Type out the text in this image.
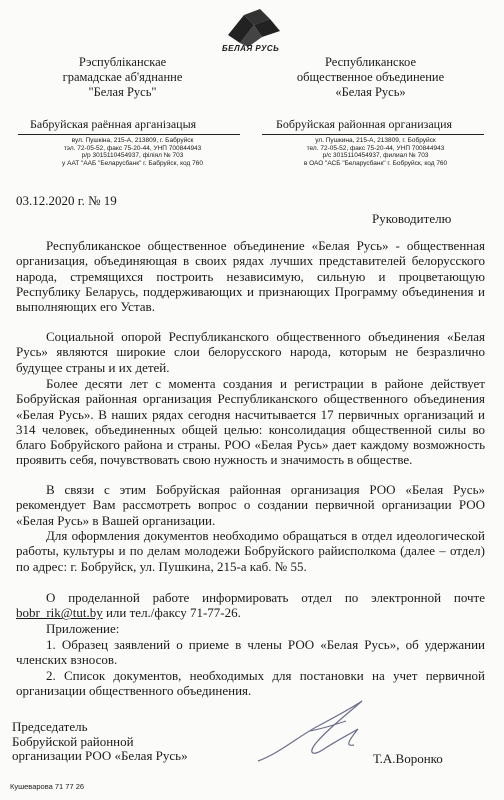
БЕЛАЯ РУСЬ
Рэспубліканскае
грамадскае аб'яднанне
"Белая Русь"
Бабруйская раённая арганізацыя
вул. Пушкіна, 215-А, 213809, г. Бабруйск
тэл. 72-05-52, факс 75-20-44, УНП 700844943
р/р 3015110454937, філіял № 703
у ААТ "ААБ "Беларусбанк" г. Бабруйск, код 760
Республиканское
общественное объединение
«Белая Русь»
Бобруйская районная организация
ул. Пушкина, 215-А, 213809, г. Бобруйск
тел. 72-05-52, факс 75-20-44, УНП 700844943
р/с 3015110454937, филиал № 703
в ОАО "АСБ "Беларусбанк" г. Бобруйск, код 760
03.12.2020 г. № 19
Руководителю

Республиканское общественное объединение «Белая Русь» - общественная организация, объединяющая в своих рядах лучших представителей белорусского народа, стремящихся построить независимую, сильную и процветающую Республику Беларусь, поддерживающих и признающих Программу объединения и выполняющих его Устав.

Социальной опорой Республиканского общественного объединения «Белая Русь» являются широкие слои белорусского народа, которым не безразлично будущее страны и их детей.

Более десяти лет с момента создания и регистрации в районе действует Бобруйская районная организация Республиканского общественного объединения «Белая Русь». В наших рядах сегодня насчитывается 17 первичных организаций и 314 человек, объединенных общей целью: консолидация общественной силы во благо Бобруйского района и страны. РОО «Белая Русь» дает каждому возможность проявить себя, почувствовать свою нужность и значимость в обществе.

В связи с этим Бобруйская районная организация РОО «Белая Русь» рекомендует Вам рассмотреть вопрос о создании первичной организации РОО «Белая Русь» в Вашей организации.

Для оформления документов необходимо обращаться в отдел идеологической работы, культуры и по делам молодежи Бобруйского райисполкома (далее – отдел) по адрес: г. Бобруйск, ул. Пушкина, 215-а каб. № 55.

О проделанной работе информировать отдел по электронной почте bobr_rik@tut.by или тел./факсу 71-77-26.

Приложение:

1. Образец заявлений о приеме в члены РОО «Белая Русь», об удержании членских взносов.

2. Список документов, необходимых для постановки на учет первичной организации общественного объединения.

Председатель
Бобруйской районной
организации РОО «Белая Русь»	Т.А.Воронко
Кушеварова 71 77 26
